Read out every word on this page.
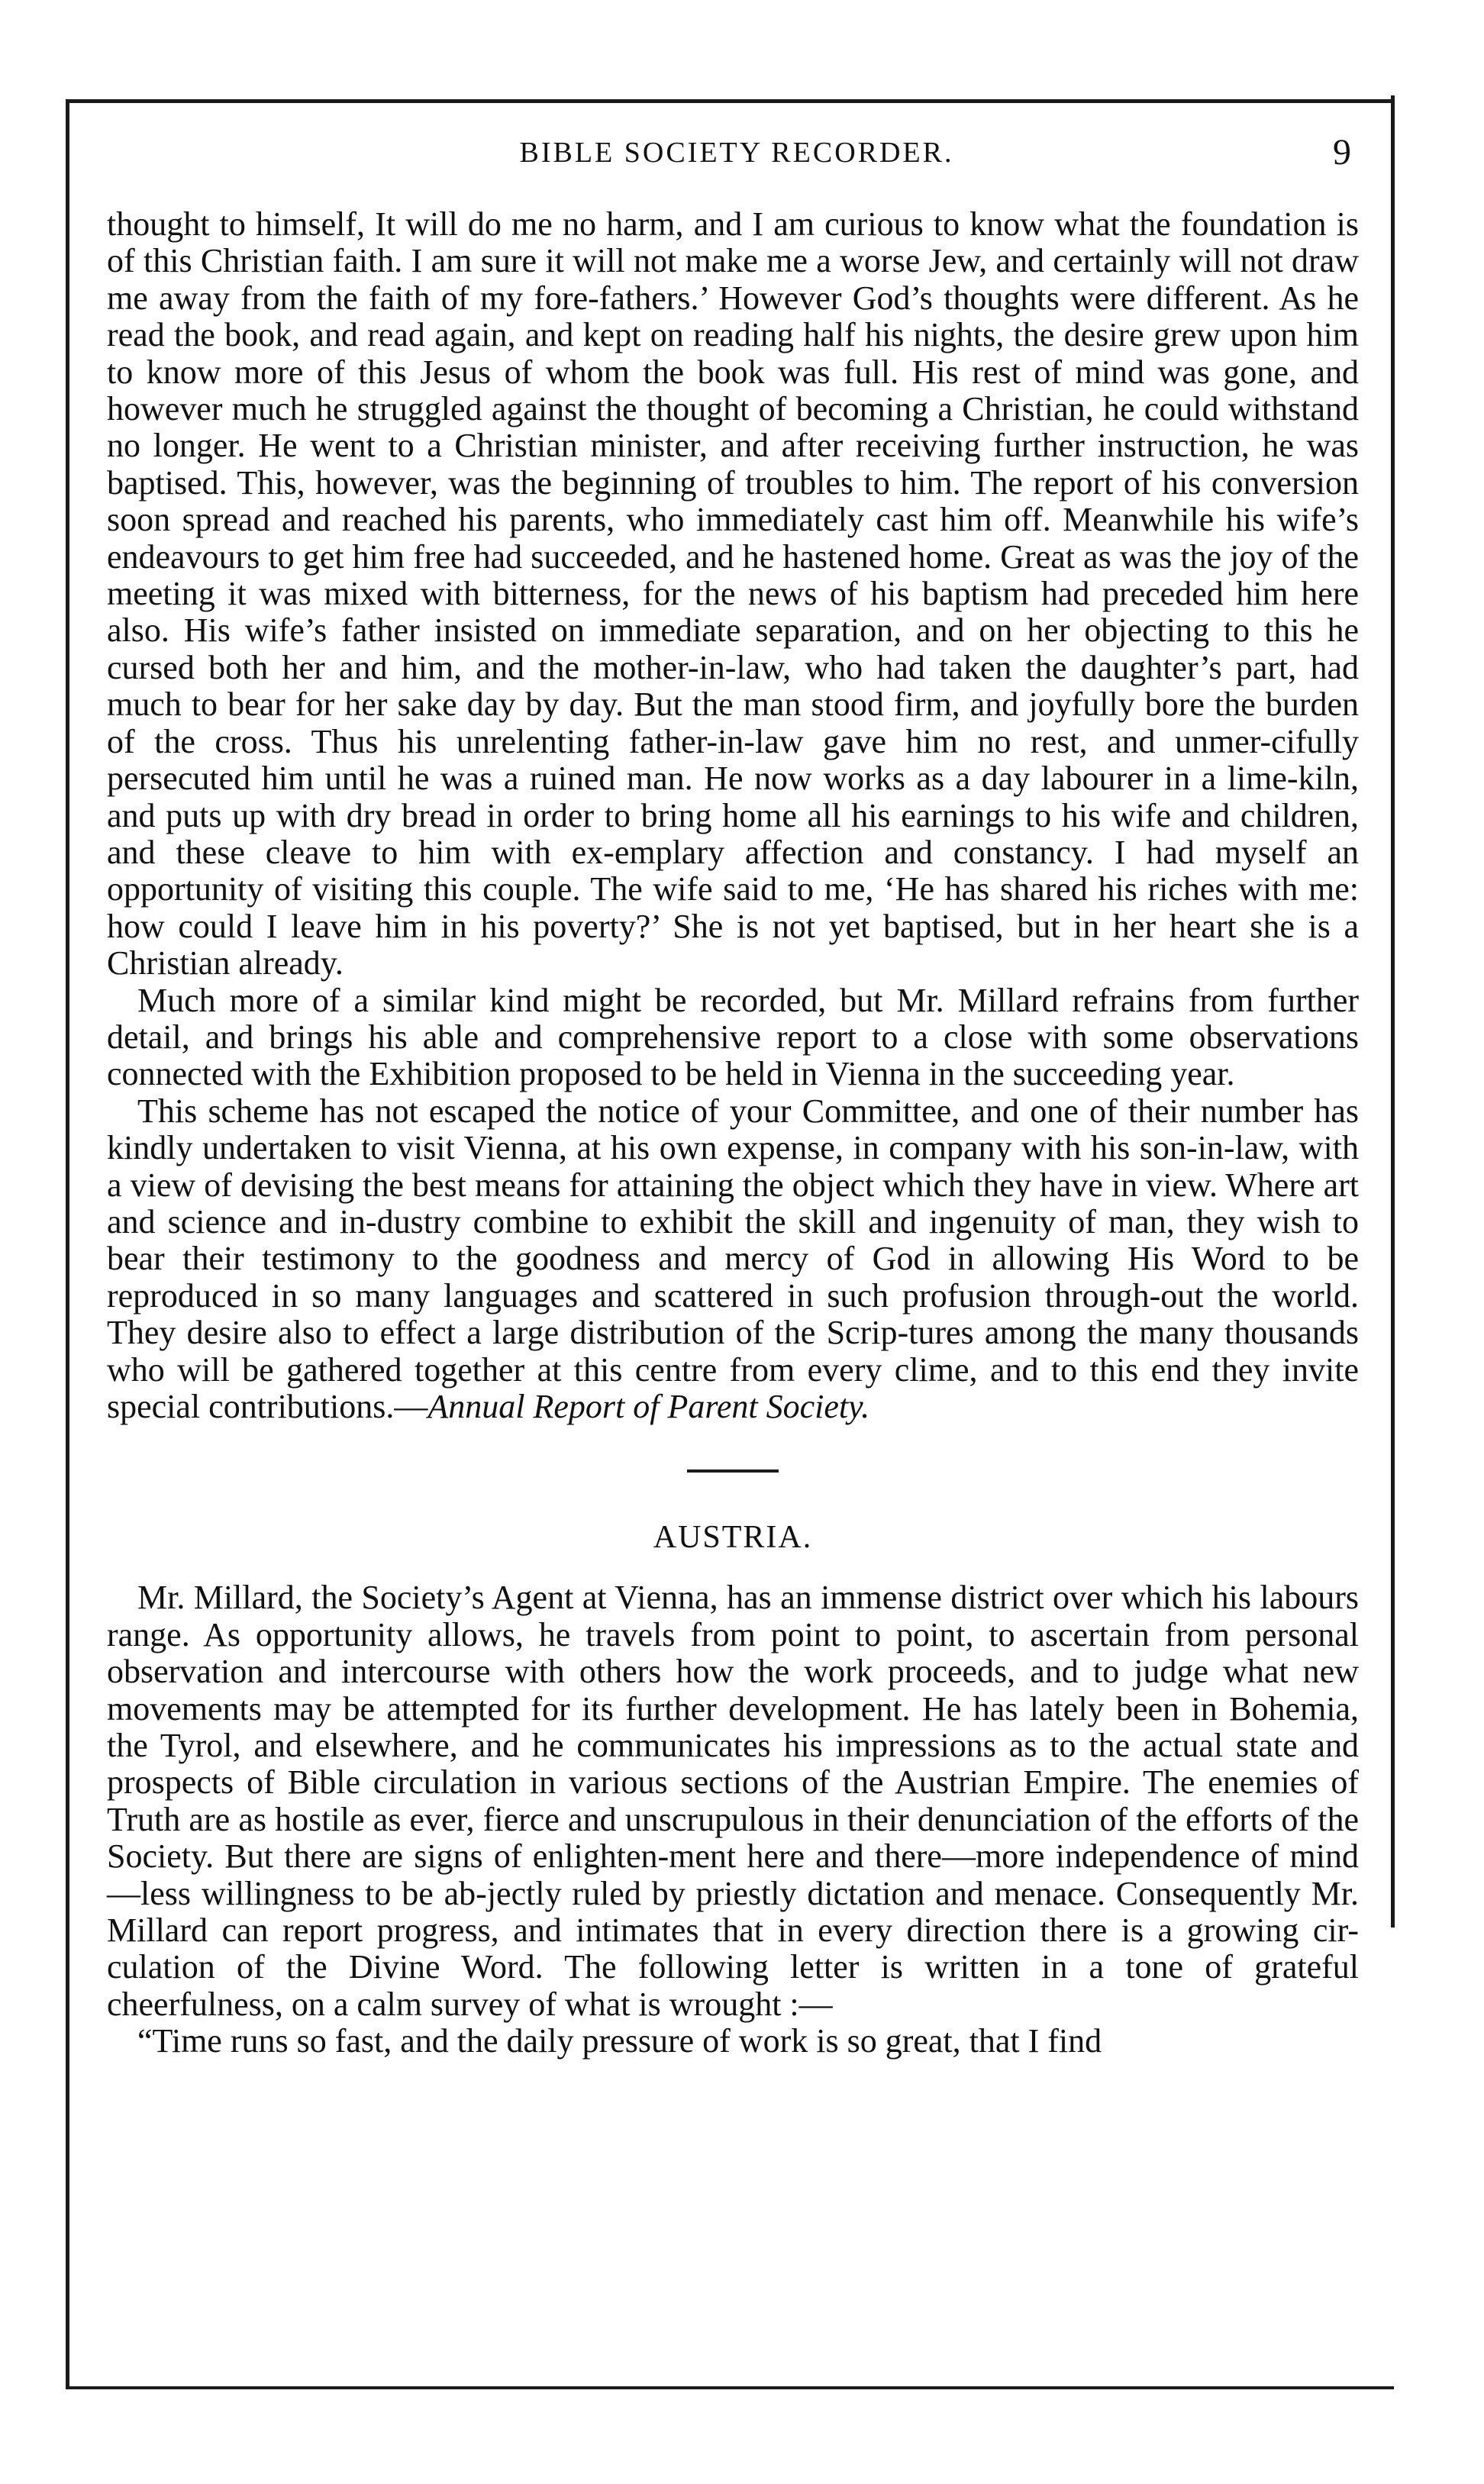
BIBLE SOCIETY RECORDER.	9

thought to himself, It will do me no harm, and I am curious to know what the foundation is of this Christian faith. I am sure it will not make me a worse Jew, and certainly will not draw me away from the faith of my fore-fathers.’ However God’s thoughts were different. As he read the book, and read again, and kept on reading half his nights, the desire grew upon him to know more of this Jesus of whom the book was full. His rest of mind was gone, and however much he struggled against the thought of becoming a Christian, he could withstand no longer. He went to a Christian minister, and after receiving further instruction, he was baptised. This, however, was the beginning of troubles to him. The report of his conversion soon spread and reached his parents, who immediately cast him off. Meanwhile his wife’s endeavours to get him free had succeeded, and he hastened home. Great as was the joy of the meeting it was mixed with bitterness, for the news of his baptism had preceded him here also. His wife’s father insisted on immediate separation, and on her objecting to this he cursed both her and him, and the mother-in-law, who had taken the daughter’s part, had much to bear for her sake day by day. But the man stood firm, and joyfully bore the burden of the cross. Thus his unrelenting father-in-law gave him no rest, and unmer-cifully persecuted him until he was a ruined man. He now works as a day labourer in a lime-kiln, and puts up with dry bread in order to bring home all his earnings to his wife and children, and these cleave to him with ex-emplary affection and constancy. I had myself an opportunity of visiting this couple. The wife said to me, ‘He has shared his riches with me: how could I leave him in his poverty?’ She is not yet baptised, but in her heart she is a Christian already.

Much more of a similar kind might be recorded, but Mr. Millard refrains from further detail, and brings his able and comprehensive report to a close with some observations connected with the Exhibition proposed to be held in Vienna in the succeeding year.

This scheme has not escaped the notice of your Committee, and one of their number has kindly undertaken to visit Vienna, at his own expense, in company with his son-in-law, with a view of devising the best means for attaining the object which they have in view. Where art and science and in-dustry combine to exhibit the skill and ingenuity of man, they wish to bear their testimony to the goodness and mercy of God in allowing His Word to be reproduced in so many languages and scattered in such profusion through-out the world. They desire also to effect a large distribution of the Scrip-tures among the many thousands who will be gathered together at this centre from every clime, and to this end they invite special contributions.—Annual Report of Parent Society.

AUSTRIA.

Mr. Millard, the Society’s Agent at Vienna, has an immense district over which his labours range. As opportunity allows, he travels from point to point, to ascertain from personal observation and intercourse with others how the work proceeds, and to judge what new movements may be attempted for its further development. He has lately been in Bohemia, the Tyrol, and elsewhere, and he communicates his impressions as to the actual state and prospects of Bible circulation in various sections of the Austrian Empire. The enemies of Truth are as hostile as ever, fierce and unscrupulous in their denunciation of the efforts of the Society. But there are signs of enlighten-ment here and there—more independence of mind—less willingness to be ab-jectly ruled by priestly dictation and menace. Consequently Mr. Millard can report progress, and intimates that in every direction there is a growing cir-culation of the Divine Word. The following letter is written in a tone of grateful cheerfulness, on a calm survey of what is wrought :—

“Time runs so fast, and the daily pressure of work is so great, that I find
